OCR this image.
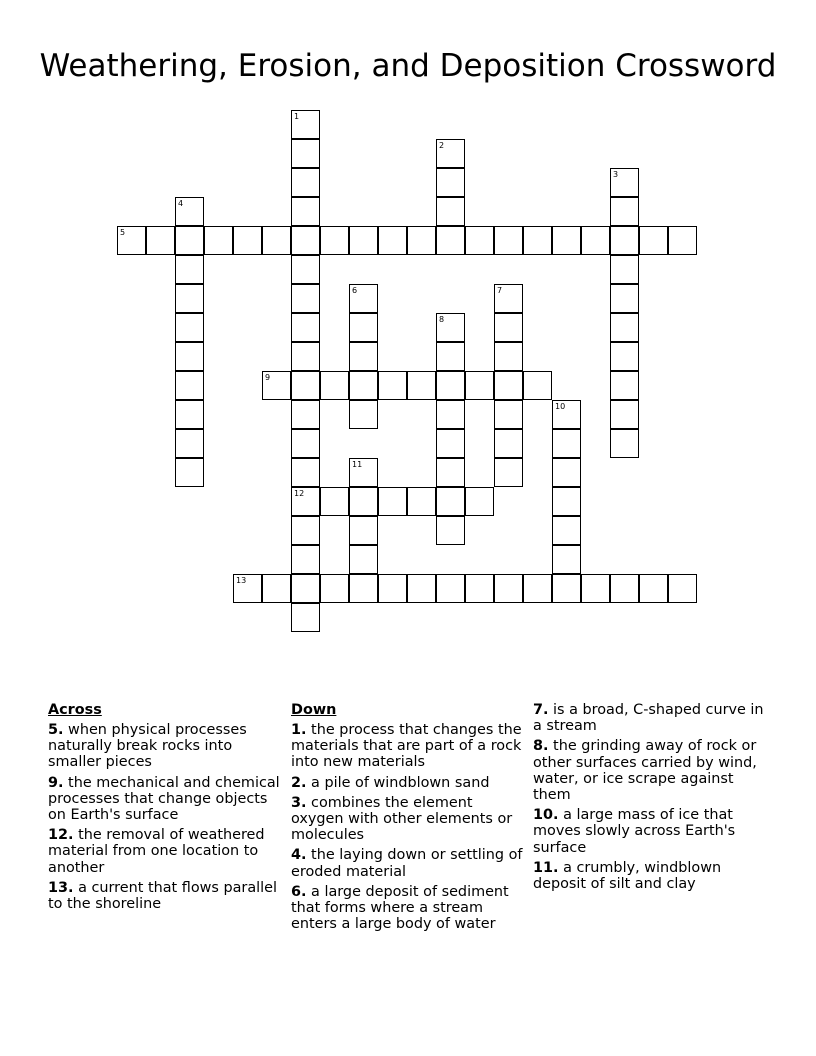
Weathering, Erosion, and Deposition Crossword
5
9
12
13
1
2
3
4
6	7
8
10
11
Across
5. when physical processes naturally break rocks into smaller pieces
9. the mechanical and chemical processes that change objects on Earth's surface
12. the removal of weathered material from one location to another
13. a current that flows parallel to the shoreline
Down
1. the process that changes the materials that are part of a rock into new materials
2. a pile of windblown sand
3. combines the element oxygen with other elements or molecules
4. the laying down or settling of eroded material
6. a large deposit of sediment that forms where a stream enters a large body of water
7. is a broad, C-shaped curve in a stream
8. the grinding away of rock or other surfaces carried by wind, water, or ice scrape against them
10. a large mass of ice that moves slowly across Earth's surface
11. a crumbly, windblown deposit of silt and clay
